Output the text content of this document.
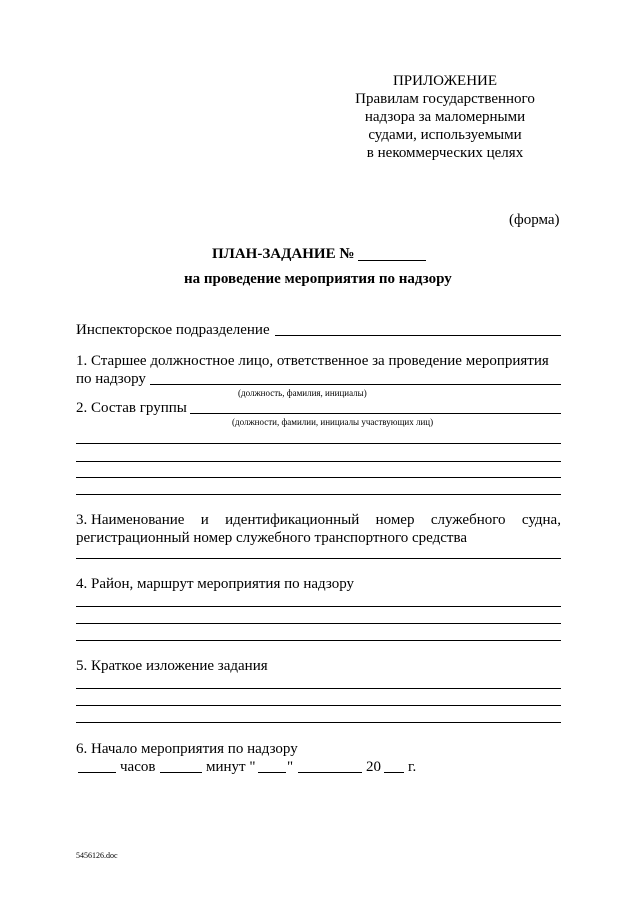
ПРИЛОЖЕНИЕ
Правилам государственного
надзора за маломерными
судами, используемыми
в некоммерческих целях
(форма)
ПЛАН-ЗАДАНИЕ №
на проведение мероприятия по надзору
Инспекторское подразделение
1. Старшее должностное лицо, ответственное за проведение мероприятия
по надзору
(должность, фамилия, инициалы)
2. Состав группы
(должности, фамилии, инициалы участвующих лиц)
3. Наименование и идентификационный номер служебного судна,
регистрационный номер служебного транспортного средства
4. Район, маршрут мероприятия по надзору
5. Краткое изложение задания
6. Начало мероприятия по надзору
часов	минут " "	20 г.
5456126.doc
